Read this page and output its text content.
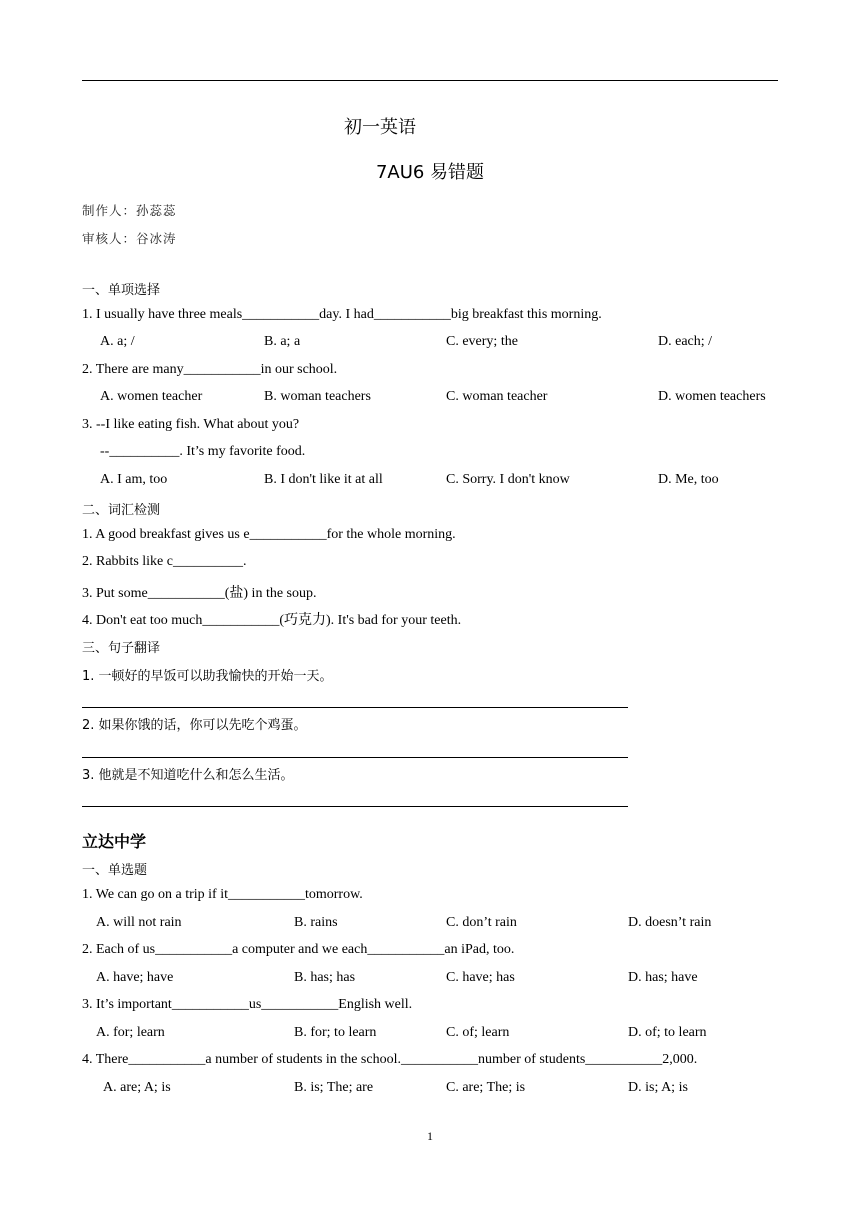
初一英语
7AU6 易错题
制作人：孙蕊蕊
审核人：谷冰涛
一、单项选择
1. I usually have three meals___________day. I had___________big breakfast this morning.
A. a; /	B. a; a	C. every; the	D. each; /
2. There are many___________in our school.
A. women teacher	B. woman teachers	C. woman teacher	D. women teachers
3. --I like eating fish. What about you?
--__________. It’s my favorite food.
A. I am, too	B. I don't like it at all	C. Sorry. I don't know	D. Me, too
二、词汇检测
1. A good breakfast gives us e___________for the whole morning.
2. Rabbits like c__________.
3. Put some___________(盐) in the soup.
4. Don't eat too much___________(巧克力). It's bad for your teeth.
三、句子翻译
1. 一顿好的早饭可以助我愉快的开始一天。
2. 如果你饿的话，你可以先吃个鸡蛋。
3. 他就是不知道吃什么和怎么生活。
立达中学
一、单选题
1. We can go on a trip if it___________tomorrow.
A. will not rain	B. rains	C. don’t rain	D. doesn’t rain
2. Each of us___________a computer and we each___________an iPad, too.
A. have; have	B. has; has	C. have; has	D. has; have
3. It’s important___________us___________English well.
A. for; learn	B. for; to learn	C. of; learn	D. of; to learn
4. There___________a number of students in the school.___________number of students___________2,000.
A. are; A; is	B. is; The; are	C. are; The; is	D. is; A; is
1
